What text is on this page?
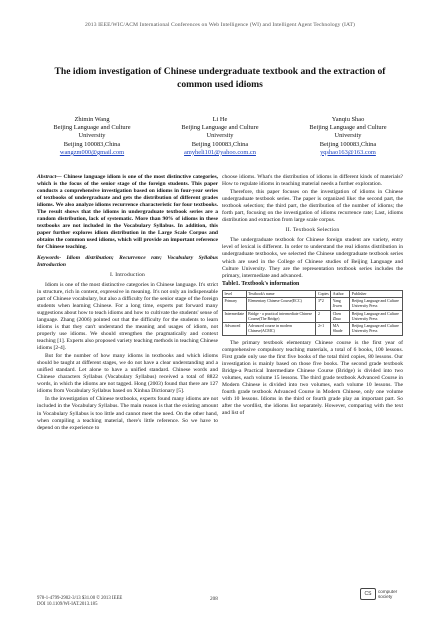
2013 IEEE/WIC/ACM International Conferences on Web Intelligence (WI) and Intelligent Agent Technology (IAT)
The idiom investigation of Chinese undergraduate textbook and the extraction of
common used idioms
Zhimin Wang
Beijing Language and Culture
University
Beijing 100083,China
wangzm000@gmail.com
Li He
Beijing Language and Culture
University
Beijing 100083,China
amyheli101@yahoo.com.cn
Yanqiu Shao
Beijing Language and Culture
University
Beijing 100083,China
yqshao163@163.com

Abstract— Chinese language idiom is one of the most distinctive categories, which is the focus of the senior stage of the foreign students. This paper conducts a comprehensive investigation based on idioms in four-year series of textbooks of undergraduate and gets the distribution of different grades idioms. We also analyze idioms recurrence characteristic for four textbooks. The result shows that the idioms in undergraduate textbook series are a random distribution, lack of systematic. More than 90% of idioms in these textbooks are not included in the Vocabulary Syllabus. In addition, this paper further explores idiom distribution in the Large Scale Corpus and obtains the common used idioms, which will provide an important reference for Chinese teaching.

Keywords- Idiom distribution; Recurrence rate; Vocabulary Syllabus Introduction

I. Introduction

Idiom is one of the most distinctive categories in Chinese language. It's strict in structure, rich in content, expressive in meaning. It's not only an indispensable part of Chinese vocabulary, but also a difficulty for the senior stage of the foreign students when learning Chinese. For a long time, experts put forward many suggestions about how to teach idioms and how to cultivate the students' sense of language. Zhang (2006) pointed out that the difficulty for the students to learn idioms is that they can't understand the meaning and usages of idiom, not properly use idioms. We should strengthen the pragmatically and context teaching [1]. Experts also proposed variety teaching methods in teaching Chinese idioms [2-4].

But for the number of how many idioms in textbooks and which idioms should be taught at different stages, we do not have a clear understanding and a unified standard. Let alone to have a unified standard. Chinese words and Chinese characters Syllabus (Vocabulary Syllabus) received a total of 8822 words, in which the idioms are not tagged. Hong (2003) found that there are 127 idioms from Vocabulary Syllabus based on Xinhua Dictionary [5].

In the investigation of Chinese textbooks, experts found many idioms are not included in the Vocabulary Syllabus. The main reason is that the existing amount in Vocabulary Syllabus is too little and cannot meet the need. On the other hand, when compiling a teaching material, there's little reference. So we have to depend on the experience to

choose idioms. What's the distribution of idioms in different kinds of materials? How to regulate idioms in teaching material needs a further exploration.

Therefore, this paper focuses on the investigation of idioms in Chinese undergraduate textbook series. The paper is organized like: the second part, the textbook selection; the third part, the distribution of the number of idioms; the forth part, focusing on the investigation of idioms recurrence rate; Last, idioms distribution and extraction from large scale corpus.

II. Textbook Selection

The undergraduate textbook for Chinese foreign student are variety, entry level of lexical is different. In order to understand the real idioms distribution in undergraduate textbooks, we selected the Chinese undergraduate textbook series which are used in the College of Chinese studies of Beijing Language and Culture University. They are the representation textbook series includes the primary, intermediate and advanced.

Table1. Textbook's information
level	Textbook's name	Copies	Author	Publisher
Primary	Elementary Chinese Course(ECC)	3*2	Yang Jiwen	Beijing Language and Culture University Press
Intermediate	Bridge - a practical intermediate Chinese Course(The Bridge)	2	Chen Zhuo	Beijing Language and Culture University Press
Advanced	Advanced course in modern Chinese(ACMC)	2+1	MA Shude	Beijing Language and Culture University Press

The primary textbook elementary Chinese course is the first year of comprehensive compulsory teaching materials, a total of 6 books, 100 lessons. First grade only use the first five books of the total third copies, 80 lessons. Our investigation is mainly based on those five books. The second grade textbook Bridge-a Practical Intermediate Chinese Course (Bridge) is divided into two volumes, each volume 15 lessons. The third grade textbook Advanced Course in Modern Chinese is divided into two volumes, each volume 10 lessons. The fourth grade textbook Advanced Course in Modern Chinese, only one volume with 10 lessons. Idioms in the third or fourth grade play an important part. So after the wordlist, the idioms list separately. However, comparing with the text and list of

978-1-4799-2902-3/13 $31.00 © 2013 IEEE
DOI 10.1109/WI-IAT.2013.185
208
CS	computer
society
